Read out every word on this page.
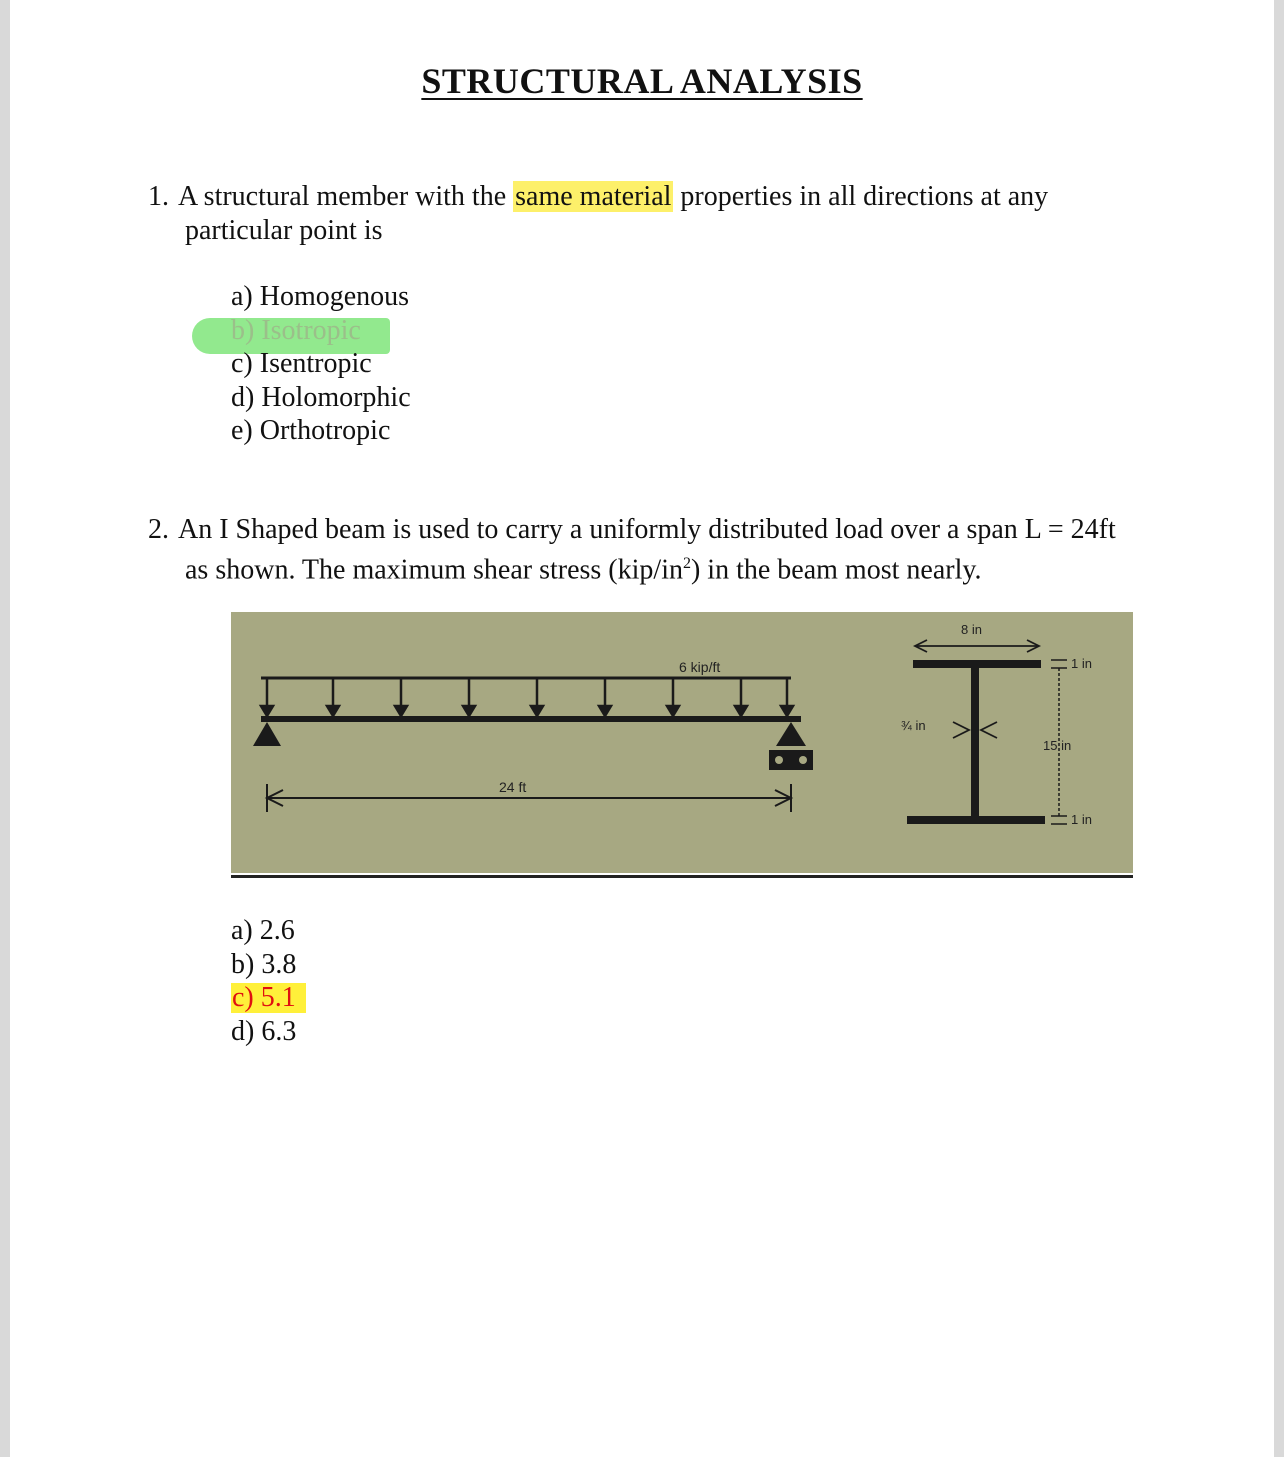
STRUCTURAL ANALYSIS
1. A structural member with the same material properties in all directions at any
particular point is
a) Homogenous
b) Isotropic
c) Isentropic
d) Holomorphic
e) Orthotropic
2. An I Shaped beam is used to carry a uniformly distributed load over a span L = 24ft
as shown. The maximum shear stress $(kip/in^2)$ in the beam most nearly.
6 kip/ft
24 ft
8 in
¾ in
1 in
15 in
1 in
a) 2.6
b) 3.8
c) 5.1
d) 6.3
